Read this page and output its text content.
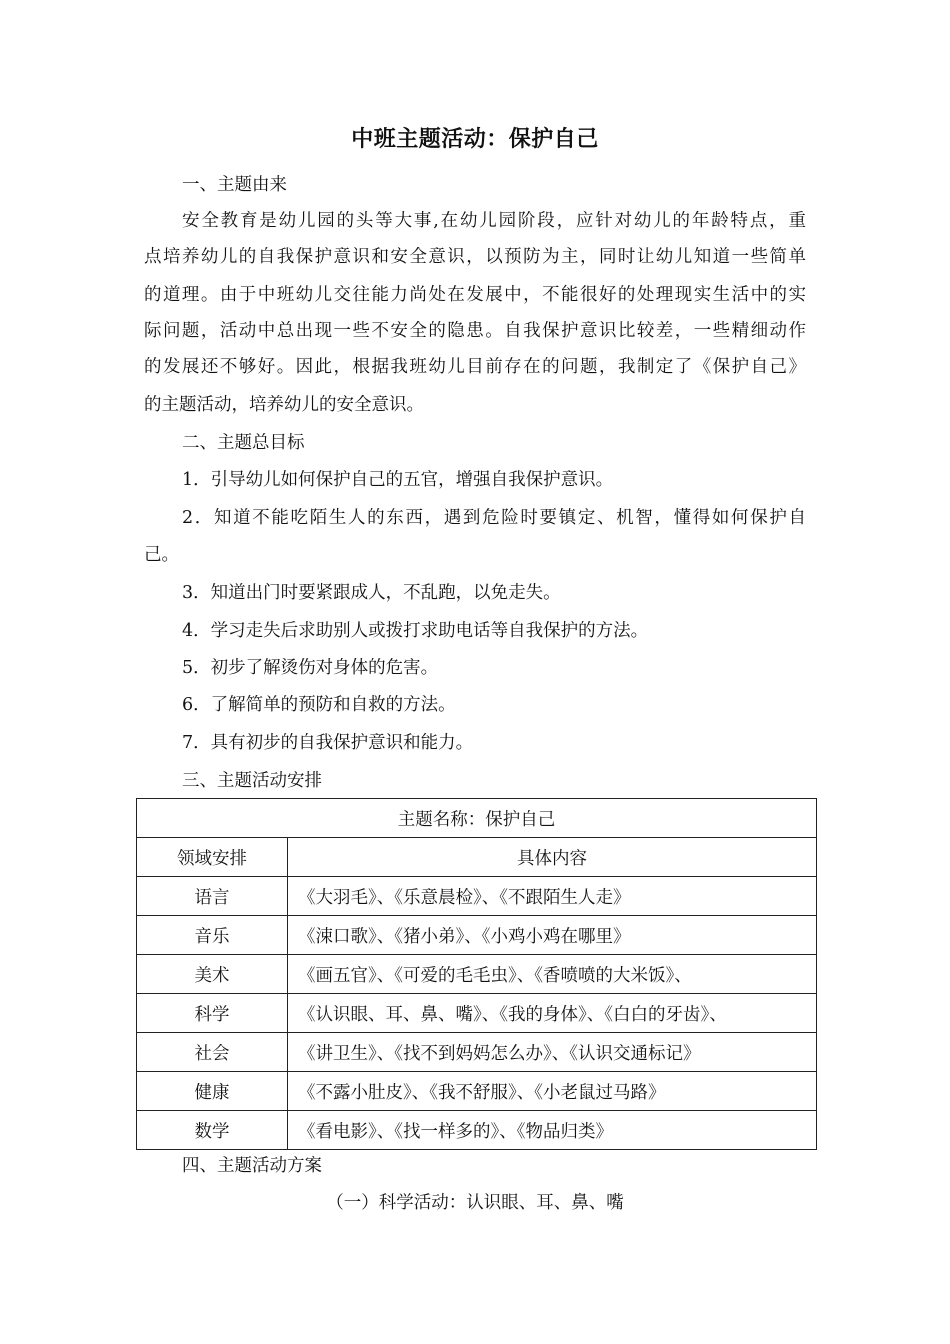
中班主题活动：保护自己
一、主题由来
安全教育是幼儿园的头等大事,在幼儿园阶段，应针对幼儿的年龄特点，重
点培养幼儿的自我保护意识和安全意识，以预防为主，同时让幼儿知道一些简单
的道理。由于中班幼儿交往能力尚处在发展中，不能很好的处理现实生活中的实
际问题，活动中总出现一些不安全的隐患。自我保护意识比较差，一些精细动作
的发展还不够好。因此，根据我班幼儿目前存在的问题，我制定了《保护自己》
的主题活动，培养幼儿的安全意识。
二、主题总目标
1．引导幼儿如何保护自己的五官，增强自我保护意识。
2．知道不能吃陌生人的东西，遇到危险时要镇定、机智，懂得如何保护自
己。
3．知道出门时要紧跟成人，不乱跑，以免走失。
4．学习走失后求助别人或拨打求助电话等自我保护的方法。
5．初步了解烫伤对身体的危害。
6．了解简单的预防和自救的方法。
7．具有初步的自我保护意识和能力。
三、主题活动安排
主题名称：保护自己	
领域安排	具体内容
语言	《大羽毛》、《乐意晨检》、《不跟陌生人走》
音乐	《涑口歌》、《猪小弟》、《小鸡小鸡在哪里》
美术	《画五官》、《可爱的毛毛虫》、《香喷喷的大米饭》、
科学	《认识眼、耳、鼻、嘴》、《我的身体》、《白白的牙齿》、
社会	《讲卫生》、《找不到妈妈怎么办》、《认识交通标记》
健康	《不露小肚皮》、《我不舒服》、《小老鼠过马路》
数学	《看电影》、《找一样多的》、《物品归类》
四、主题活动方案
（一）科学活动：认识眼、耳、鼻、嘴
